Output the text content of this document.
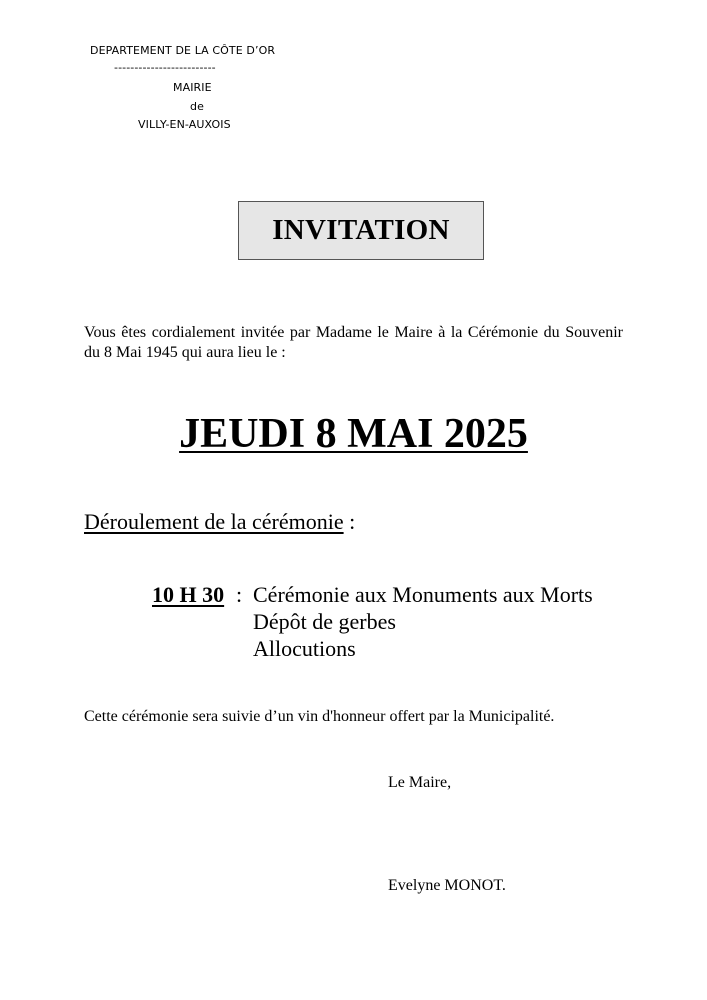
DEPARTEMENT DE LA CÔTE D’OR
-------------------------
MAIRIE
de
VILLY-EN-AUXOIS
INVITATION
Vous êtes cordialement invitée par Madame le Maire à la Cérémonie du Souvenir du 8 Mai 1945 qui aura lieu le :
JEUDI 8 MAI 2025
Déroulement de la cérémonie :
10 H 30 : Cérémonie aux Monuments aux Morts
Dépôt de gerbes
Allocutions
Cette cérémonie sera suivie d’un vin d'honneur offert par la Municipalité.
Le Maire,
Evelyne MONOT.
